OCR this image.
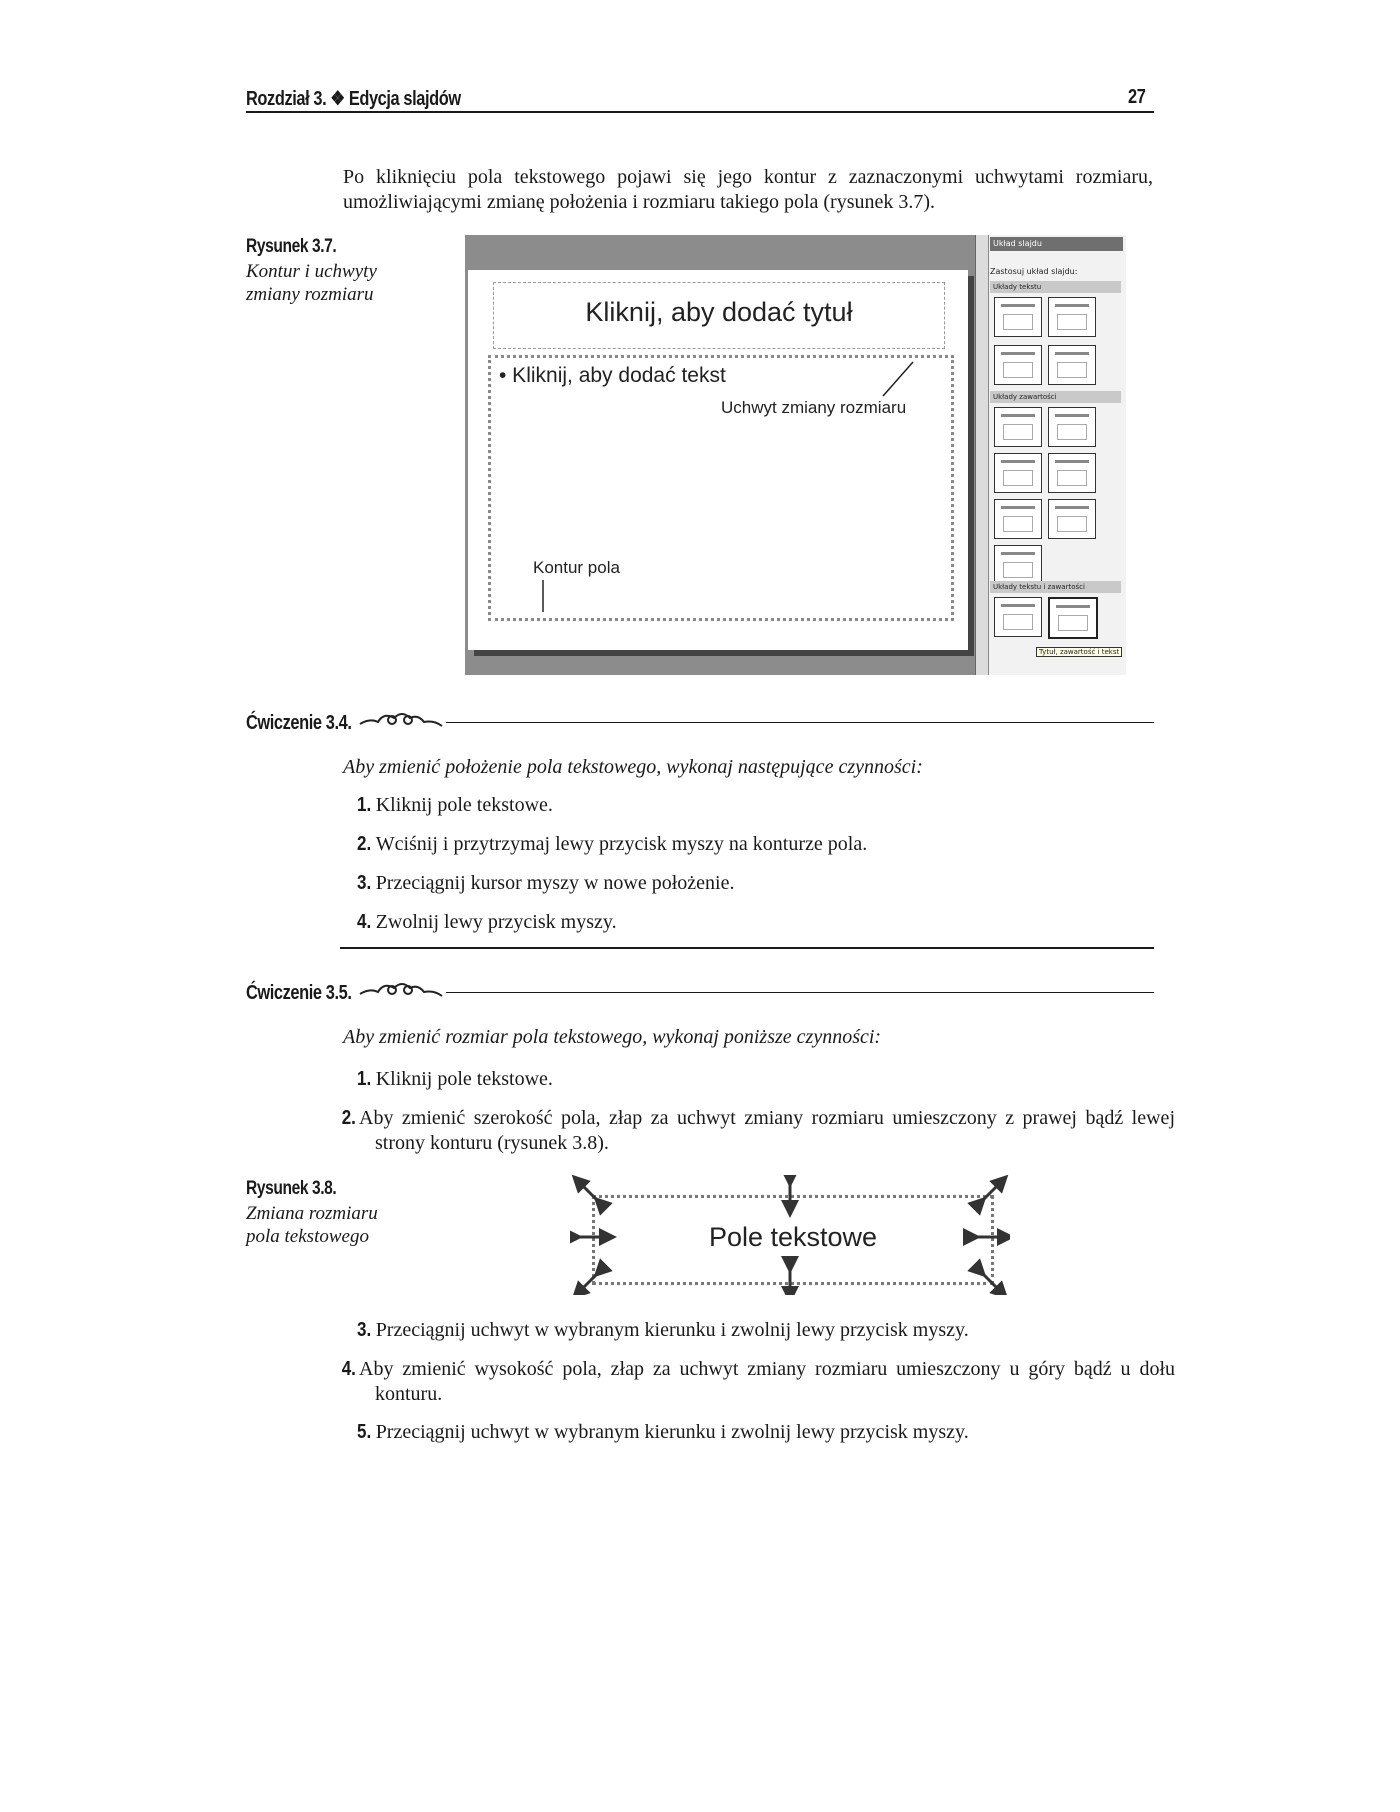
Rozdział 3. ❖ Edycja slajdów	27
Po kliknięciu pola tekstowego pojawi się jego kontur z zaznaczonymi uchwytami rozmiaru, umożliwiającymi zmianę położenia i rozmiaru takiego pola (rysunek 3.7).
Rysunek 3.7.
Kontur i uchwyty
zmiany rozmiaru
Kliknij, aby dodać tytuł
• Kliknij, aby dodać tekst
Uchwyt zmiany rozmiaru
Kontur pola
Układ slajdu
Zastosuj układ slajdu:
Układy tekstu
Układy zawartości
Układy tekstu i zawartości
Tytuł, zawartość i tekst
Ćwiczenie 3.4.
Aby zmienić położenie pola tekstowego, wykonaj następujące czynności:
1. Kliknij pole tekstowe.
2. Wciśnij i przytrzymaj lewy przycisk myszy na konturze pola.
3. Przeciągnij kursor myszy w nowe położenie.
4. Zwolnij lewy przycisk myszy.
Ćwiczenie 3.5.
Aby zmienić rozmiar pola tekstowego, wykonaj poniższe czynności:
1. Kliknij pole tekstowe.
2. Aby zmienić szerokość pola, złap za uchwyt zmiany rozmiaru umieszczony z prawej bądź lewej strony konturu (rysunek 3.8).
Rysunek 3.8.
Zmiana rozmiaru
pola tekstowego	Pole tekstowe
3. Przeciągnij uchwyt w wybranym kierunku i zwolnij lewy przycisk myszy.
4. Aby zmienić wysokość pola, złap za uchwyt zmiany rozmiaru umieszczony u góry bądź u dołu konturu.
5. Przeciągnij uchwyt w wybranym kierunku i zwolnij lewy przycisk myszy.
